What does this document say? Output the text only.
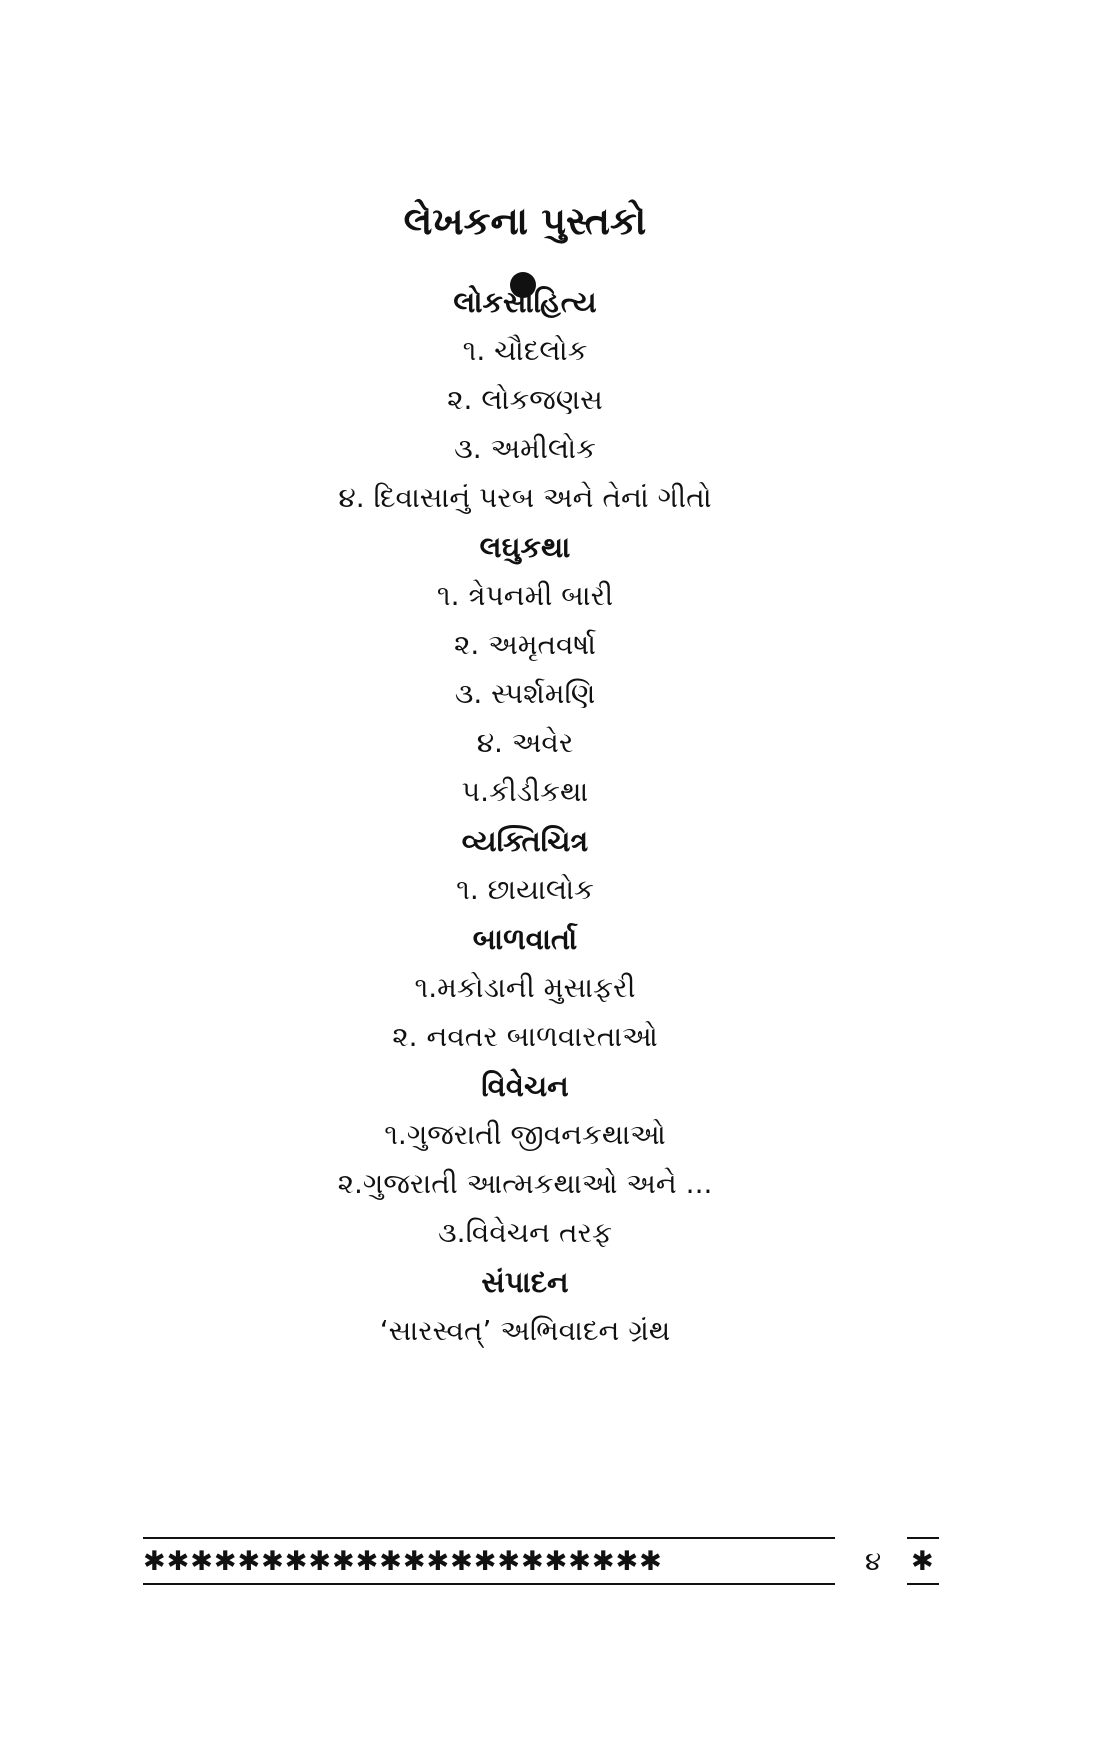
લેખકના પુસ્તકો
લોકસાહિત્ય
૧. ચૌદલોક
૨. લોકજણસ
૩. અમીલોક
૪. દિવાસાનું પરબ અને તેનાં ગીતો
લઘુકથા
૧. ત્રેપનમી બારી
૨. અમૃતવર્ષા
૩. સ્પર્શમણિ
૪. અવેર
૫.કીડીકથા
વ્યક્તિચિત્ર
૧. છાયાલોક
બાળવાર્તા
૧.મકોડાની મુસાફરી
૨. નવતર બાળવારતાઓ
વિવેચન
૧.ગુજરાતી જીવનકથાઓ
૨.ગુજરાતી આત્મકથાઓ અને ...
૩.વિવેચન તરફ
સંપાદન
‘સારસ્વત્’ અભિવાદન ગ્રંથ
✱✱✱✱✱✱✱✱✱✱✱✱✱✱✱✱✱✱✱✱✱✱	૪ ✱
